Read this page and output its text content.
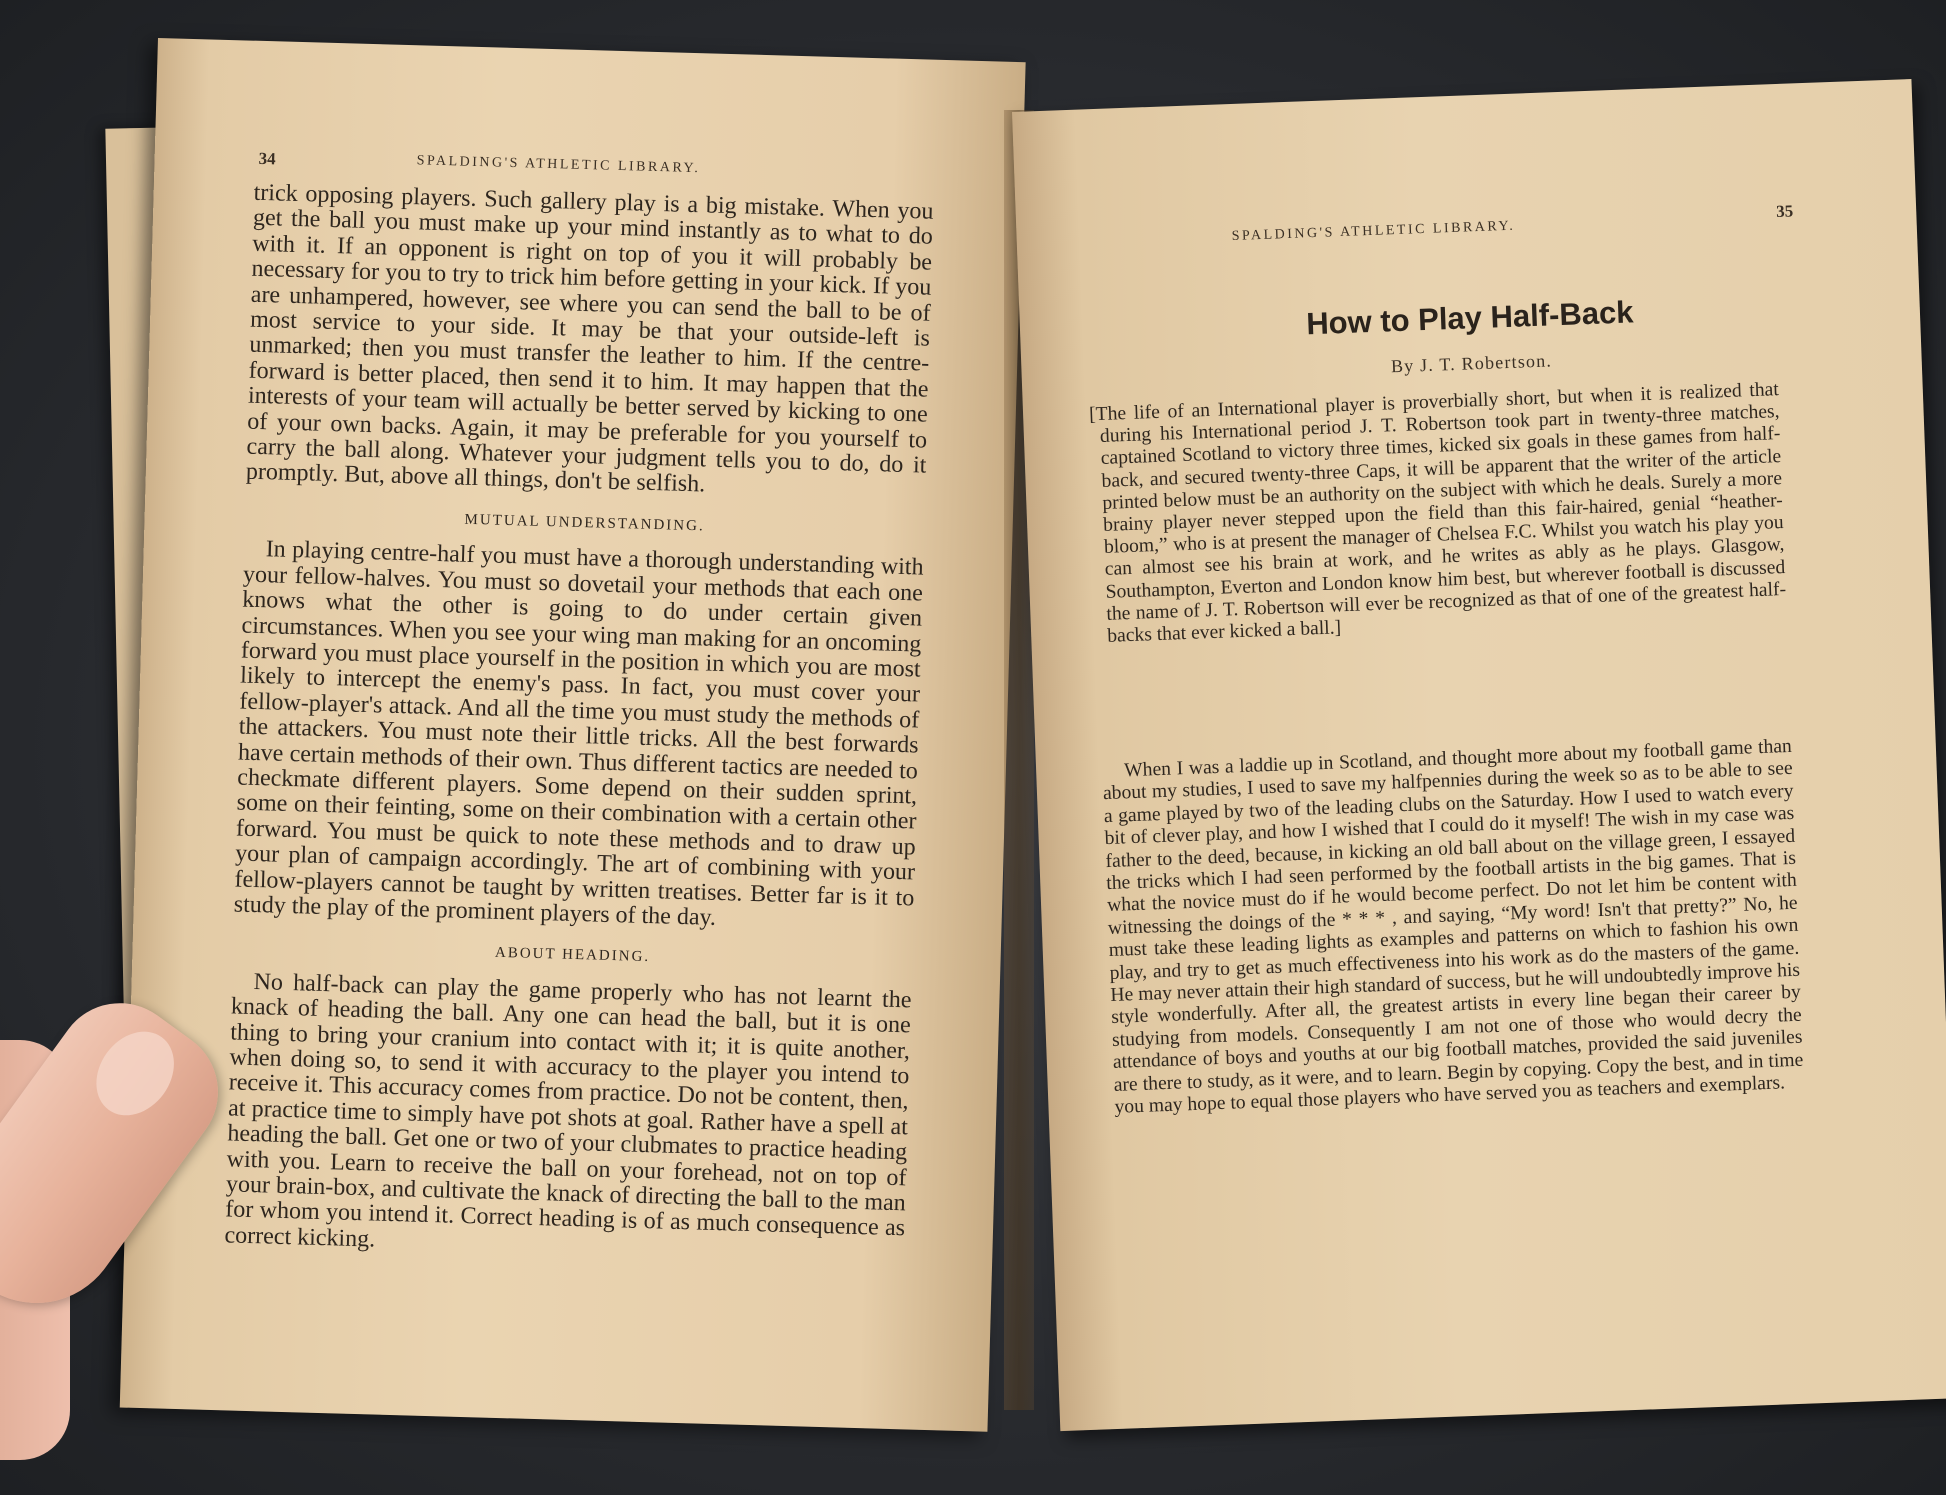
34	SPALDING'S ATHLETIC LIBRARY.

trick opposing players. Such gallery play is a big mistake. When you get the ball you must make up your mind instantly as to what to do with it. If an opponent is right on top of you it will probably be necessary for you to try to trick him before getting in your kick. If you are unhampered, however, see where you can send the ball to be of most service to your side. It may be that your outside-left is unmarked; then you must transfer the leather to him. If the centre-forward is better placed, then send it to him. It may happen that the interests of your team will actually be better served by kicking to one of your own backs. Again, it may be preferable for you yourself to carry the ball along. Whatever your judgment tells you to do, do it promptly. But, above all things, don't be selfish.

MUTUAL UNDERSTANDING.

In playing centre-half you must have a thorough understanding with your fellow-halves. You must so dovetail your methods that each one knows what the other is going to do under certain given circumstances. When you see your wing man making for an oncoming forward you must place yourself in the position in which you are most likely to intercept the enemy's pass. In fact, you must cover your fellow-player's attack. And all the time you must study the methods of the attackers. You must note their little tricks. All the best forwards have certain methods of their own. Thus different tactics are needed to checkmate different players. Some depend on their sudden sprint, some on their feinting, some on their combination with a certain other forward. You must be quick to note these methods and to draw up your plan of campaign accordingly. The art of combining with your fellow-players cannot be taught by written treatises. Better far is it to study the play of the prominent players of the day.

ABOUT HEADING.

No half-back can play the game properly who has not learnt the knack of heading the ball. Any one can head the ball, but it is one thing to bring your cranium into contact with it; it is quite another, when doing so, to send it with accuracy to the player you intend to receive it. This accuracy comes from practice. Do not be content, then, at practice time to simply have pot shots at goal. Rather have a spell at heading the ball. Get one or two of your clubmates to practice heading with you. Learn to receive the ball on your forehead, not on top of your brain-box, and cultivate the knack of directing the ball to the man for whom you intend it. Correct heading is of as much consequence as correct kicking.

SPALDING'S ATHLETIC LIBRARY.
35
How to Play Half-Back
By J. T. Robertson.

[The life of an International player is proverbially short, but when it is realized that during his International period J. T. Robertson took part in twenty-three matches, captained Scotland to victory three times, kicked six goals in these games from half-back, and secured twenty-three Caps, it will be apparent that the writer of the article printed below must be an authority on the subject with which he deals. Surely a more brainy player never stepped upon the field than this fair-haired, genial “heather-bloom,” who is at present the manager of Chelsea F.C. Whilst you watch his play you can almost see his brain at work, and he writes as ably as he plays. Glasgow, Southampton, Everton and London know him best, but wherever football is discussed the name of J. T. Robertson will ever be recognized as that of one of the greatest half-backs that ever kicked a ball.]

When I was a laddie up in Scotland, and thought more about my football game than about my studies, I used to save my halfpennies during the week so as to be able to see a game played by two of the leading clubs on the Saturday. How I used to watch every bit of clever play, and how I wished that I could do it myself! The wish in my case was father to the deed, because, in kicking an old ball about on the village green, I essayed the tricks which I had seen performed by the football artists in the big games. That is what the novice must do if he would become perfect. Do not let him be content with witnessing the doings of the * * * , and saying, “My word! Isn't that pretty?” No, he must take these leading lights as examples and patterns on which to fashion his own play, and try to get as much effectiveness into his work as do the masters of the game. He may never attain their high standard of success, but he will undoubtedly improve his style wonderfully. After all, the greatest artists in every line began their career by studying from models. Consequently I am not one of those who would decry the attendance of boys and youths at our big football matches, provided the said juveniles are there to study, as it were, and to learn. Begin by copying. Copy the best, and in time you may hope to equal those players who have served you as teachers and exemplars.
